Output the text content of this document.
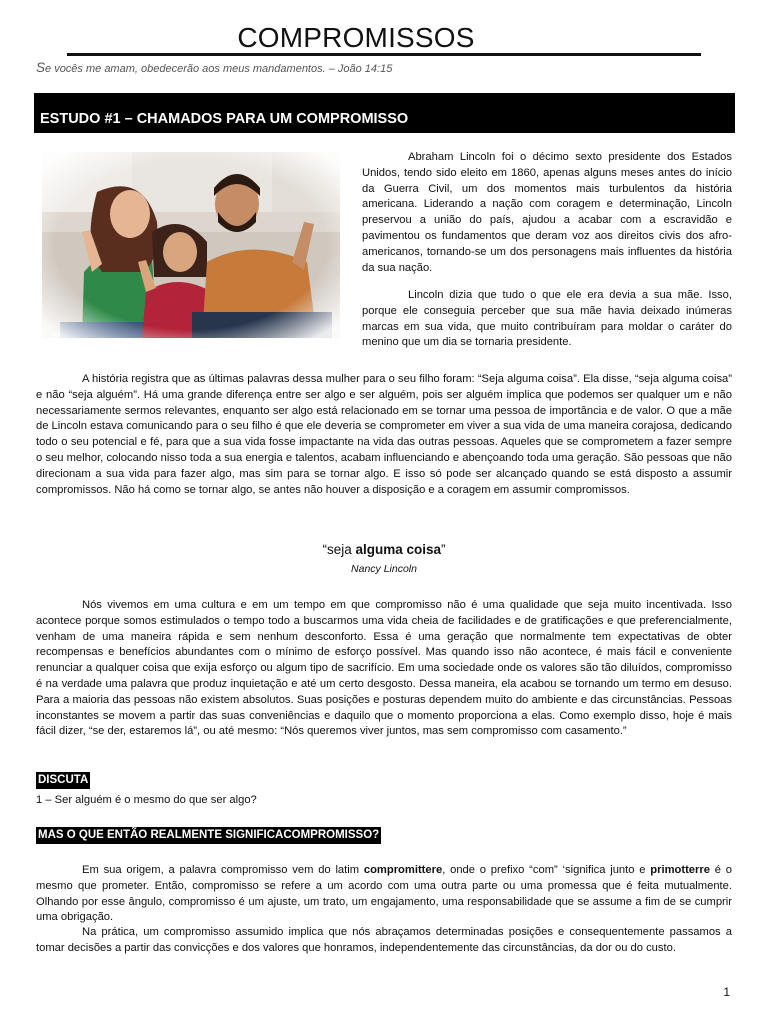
COMPROMISSOS
Se vocês me amam, obedecerão aos meus mandamentos. – João 14:15
ESTUDO #1 – CHAMADOS PARA UM COMPROMISSO

Abraham Lincoln foi o décimo sexto presidente dos Estados Unidos, tendo sido eleito em 1860, apenas alguns meses antes do início da Guerra Civil, um dos momentos mais turbulentos da história americana. Liderando a nação com coragem e determinação, Lincoln preservou a união do país, ajudou a acabar com a escravidão e pavimentou os fundamentos que deram voz aos direitos civis dos afro-americanos, tornando-se um dos personagens mais influentes da história da sua nação.

Lincoln dizia que tudo o que ele era devia a sua mãe. Isso, porque ele conseguia perceber que sua mãe havia deixado inúmeras marcas em sua vida, que muito contribuíram para moldar o caráter do menino que um dia se tornaria presidente.

A história registra que as últimas palavras dessa mulher para o seu filho foram: “Seja alguma coisa”. Ela disse, “seja alguma coisa” e não “seja alguém”. Há uma grande diferença entre ser algo e ser alguém, pois ser alguém implica que podemos ser qualquer um e não necessariamente sermos relevantes, enquanto ser algo está relacionado em se tornar uma pessoa de importância e de valor. O que a mãe de Lincoln estava comunicando para o seu filho é que ele deveria se comprometer em viver a sua vida de uma maneira corajosa, dedicando todo o seu potencial e fé, para que a sua vida fosse impactante na vida das outras pessoas. Aqueles que se comprometem a fazer sempre o seu melhor, colocando nisso toda a sua energia e talentos, acabam influenciando e abençoando toda uma geração. São pessoas que não direcionam a sua vida para fazer algo, mas sim para se tornar algo. E isso só pode ser alcançado quando se está disposto a assumir compromissos. Não há como se tornar algo, se antes não houver a disposição e a coragem em assumir compromissos.

“seja alguma coisa”
Nancy Lincoln

Nós vivemos em uma cultura e em um tempo em que compromisso não é uma qualidade que seja muito incentivada. Isso acontece porque somos estimulados o tempo todo a buscarmos uma vida cheia de facilidades e de gratificações e que preferencialmente, venham de uma maneira rápida e sem nenhum desconforto. Essa é uma geração que normalmente tem expectativas de obter recompensas e benefícios abundantes com o mínimo de esforço possível. Mas quando isso não acontece, é mais fácil e conveniente renunciar a qualquer coisa que exija esforço ou algum tipo de sacrifício. Em uma sociedade onde os valores são tão diluídos, compromisso é na verdade uma palavra que produz inquietação e até um certo desgosto. Dessa maneira, ela acabou se tornando um termo em desuso. Para a maioria das pessoas não existem absolutos. Suas posições e posturas dependem muito do ambiente e das circunstâncias. Pessoas inconstantes se movem a partir das suas conveniências e daquilo que o momento proporciona a elas. Como exemplo disso, hoje é mais fácil dizer, “se der, estaremos lá”, ou até mesmo: “Nós queremos viver juntos, mas sem compromisso com casamento.”

DISCUTA
1 – Ser alguém é o mesmo do que ser algo?
MAS O QUE ENTÃO REALMENTE SIGNIFICACOMPROMISSO?

Em sua origem, a palavra compromisso vem do latim compromittere, onde o prefixo “com” ‘significa junto e primotterre é o mesmo que prometer. Então, compromisso se refere a um acordo com uma outra parte ou uma promessa que é feita mutualmente. Olhando por esse ângulo, compromisso é um ajuste, um trato, um engajamento, uma responsabilidade que se assume a fim de se cumprir uma obrigação.

Na prática, um compromisso assumido implica que nós abraçamos determinadas posições e consequentemente passamos a tomar decisões a partir das convicções e dos valores que honramos, independentemente das circunstâncias, da dor ou do custo.

1
